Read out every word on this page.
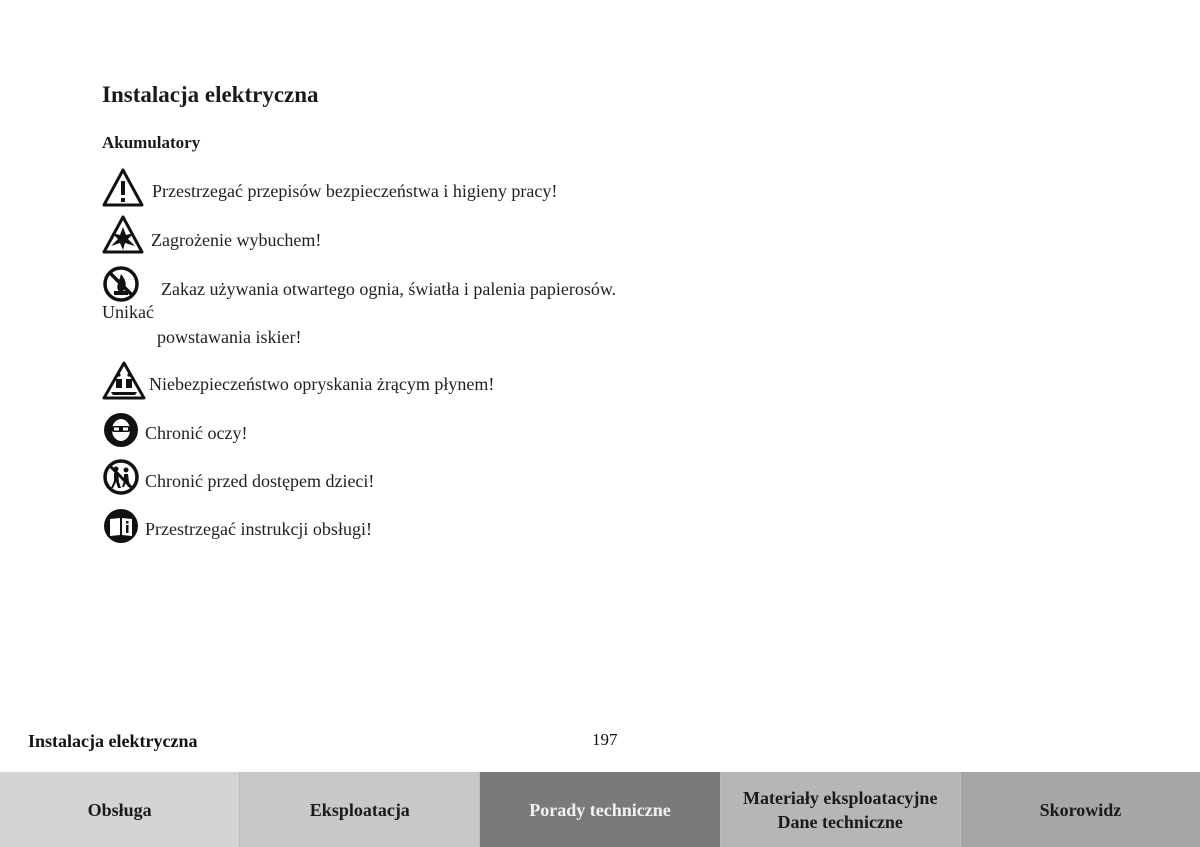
Instalacja elektryczna
Akumulatory
Przestrzegać przepisów bezpieczeństwa i higieny pracy!
Zagrożenie wybuchem!
Zakaz używania otwartego ognia, światła i palenia papierosów.
Unikać
powstawania iskier!
Niebezpieczeństwo opryskania żrącym płynem!
Chronić oczy!
Chronić przed dostępem dzieci!
Przestrzegać instrukcji obsługi!
Instalacja elektryczna	197
Obsługa	Eksploatacja	Porady techniczne
Materiały eksploatacyjne
Dane techniczne
Skorowidz
